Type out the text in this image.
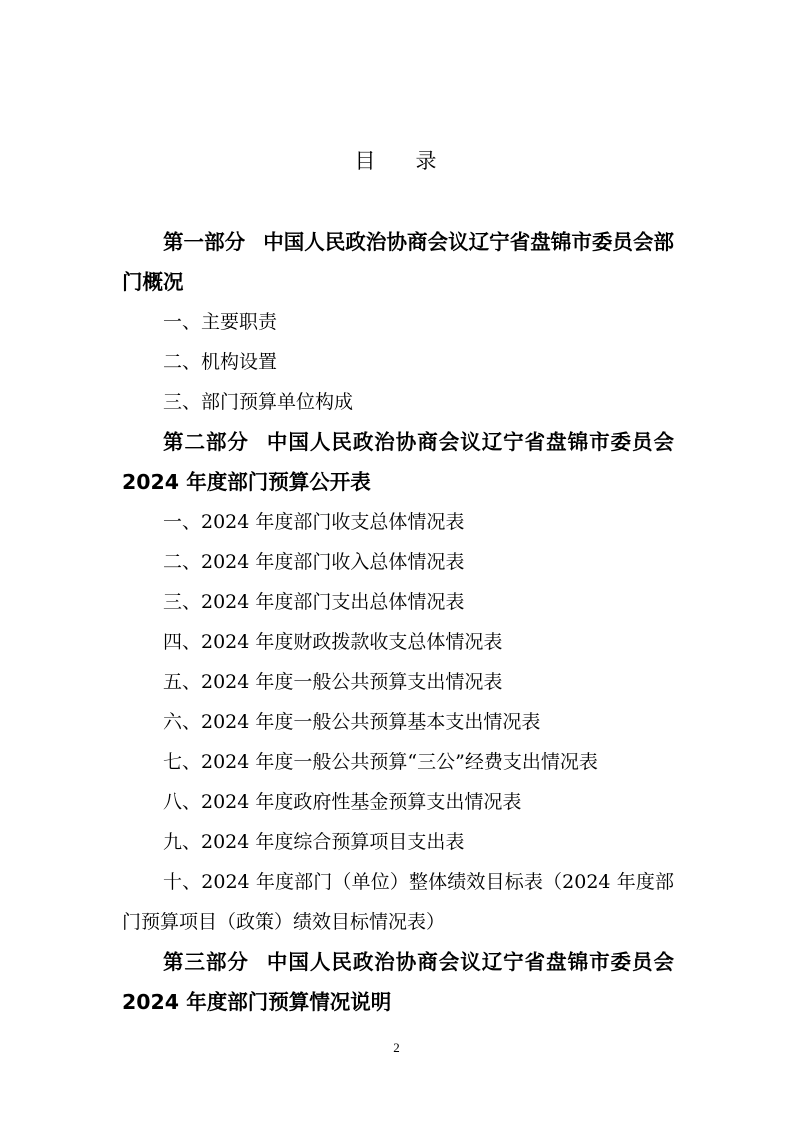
目 录

第一部分 中国人民政治协商会议辽宁省盘锦市委员会部门概况

一、主要职责

二、机构设置

三、部门预算单位构成

第二部分 中国人民政治协商会议辽宁省盘锦市委员会 2024 年度部门预算公开表

一、2024 年度部门收支总体情况表

二、2024 年度部门收入总体情况表

三、2024 年度部门支出总体情况表

四、2024 年度财政拨款收支总体情况表

五、2024 年度一般公共预算支出情况表

六、2024 年度一般公共预算基本支出情况表

七、2024 年度一般公共预算“三公”经费支出情况表

八、2024 年度政府性基金预算支出情况表

九、2024 年度综合预算项目支出表

十、2024 年度部门（单位）整体绩效目标表（2024 年度部门预算项目（政策）绩效目标情况表）

第三部分 中国人民政治协商会议辽宁省盘锦市委员会 2024 年度部门预算情况说明

2
